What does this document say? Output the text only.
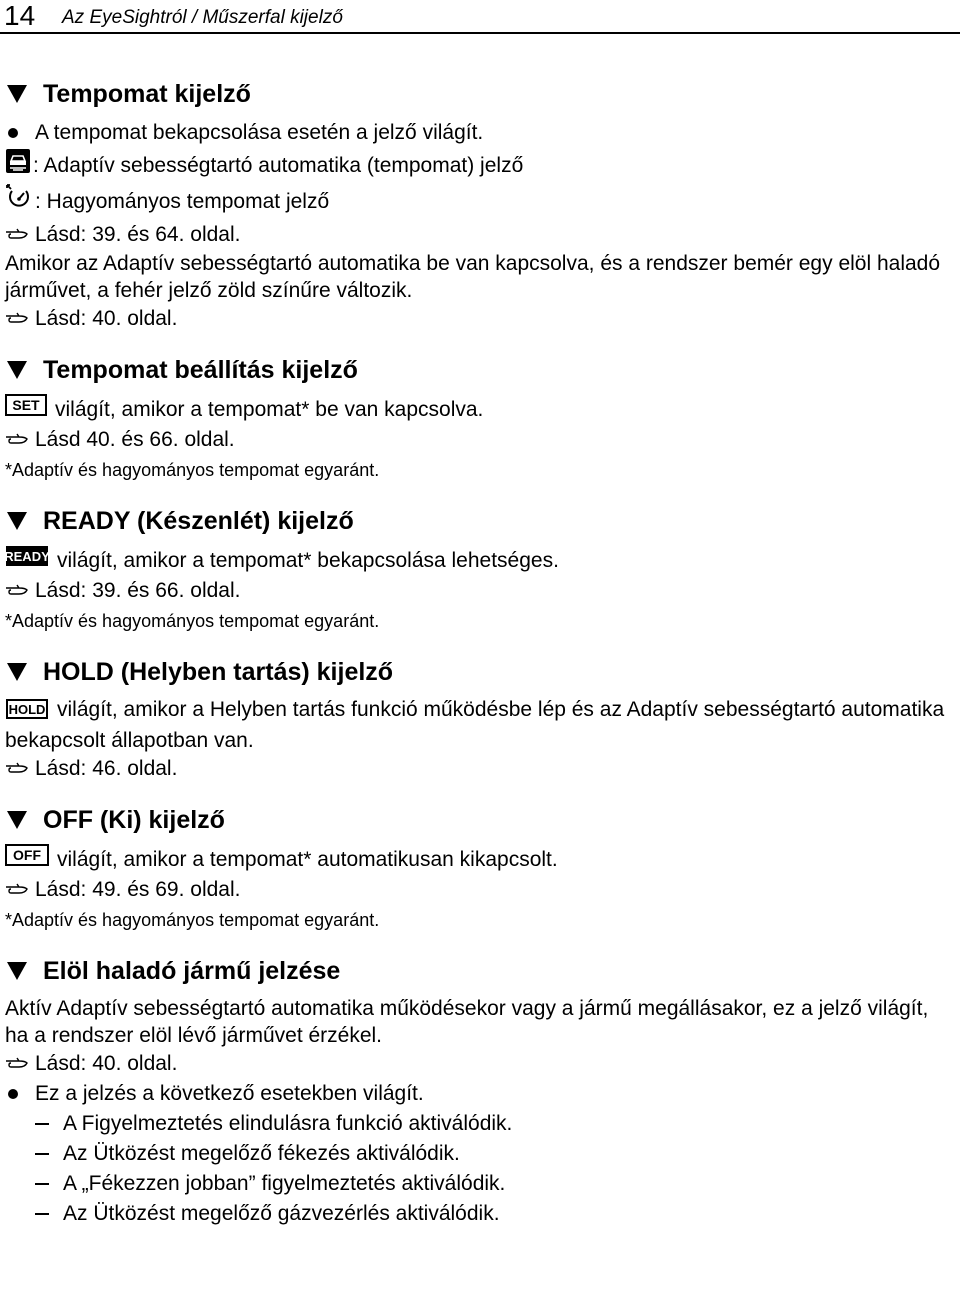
14 Az EyeSightról / Műszerfal kijelző
Tempomat kijelző

A tempomat bekapcsolása esetén a jelző világít.

: Adaptív sebességtartó automatika (tempomat) jelző

: Hagyományos tempomat jelző

Lásd: 39. és 64. oldal.

Amikor az Adaptív sebességtartó automatika be van kapcsolva, és a rendszer bemér egy elöl haladó járművet, a fehér jelző zöld színűre változik.

Lásd: 40. oldal.

Tempomat beállítás kijelző

SET világít, amikor a tempomat* be van kapcsolva.

Lásd 40. és 66. oldal.

*Adaptív és hagyományos tempomat egyaránt.

READY (Készenlét) kijelző

READY világít, amikor a tempomat* bekapcsolása lehetséges.

Lásd: 39. és 66. oldal.

*Adaptív és hagyományos tempomat egyaránt.

HOLD (Helyben tartás) kijelző

HOLD világít, amikor a Helyben tartás funkció működésbe lép és az Adaptív sebességtartó automatika bekapcsolt állapotban van.

Lásd: 46. oldal.

OFF (Ki) kijelző

OFF világít, amikor a tempomat* automatikusan kikapcsolt.

Lásd: 49. és 69. oldal.

*Adaptív és hagyományos tempomat egyaránt.

Elöl haladó jármű jelzése

Aktív Adaptív sebességtartó automatika működésekor vagy a jármű megállásakor, ez a jelző világít, ha a rendszer elöl lévő járművet érzékel.

Lásd: 40. oldal.

Ez a jelzés a következő esetekben világít.

A Figyelmeztetés elindulásra funkció aktiválódik.

Az Ütközést megelőző fékezés aktiválódik.

A „Fékezzen jobban” figyelmeztetés aktiválódik.

Az Ütközést megelőző gázvezérlés aktiválódik.
